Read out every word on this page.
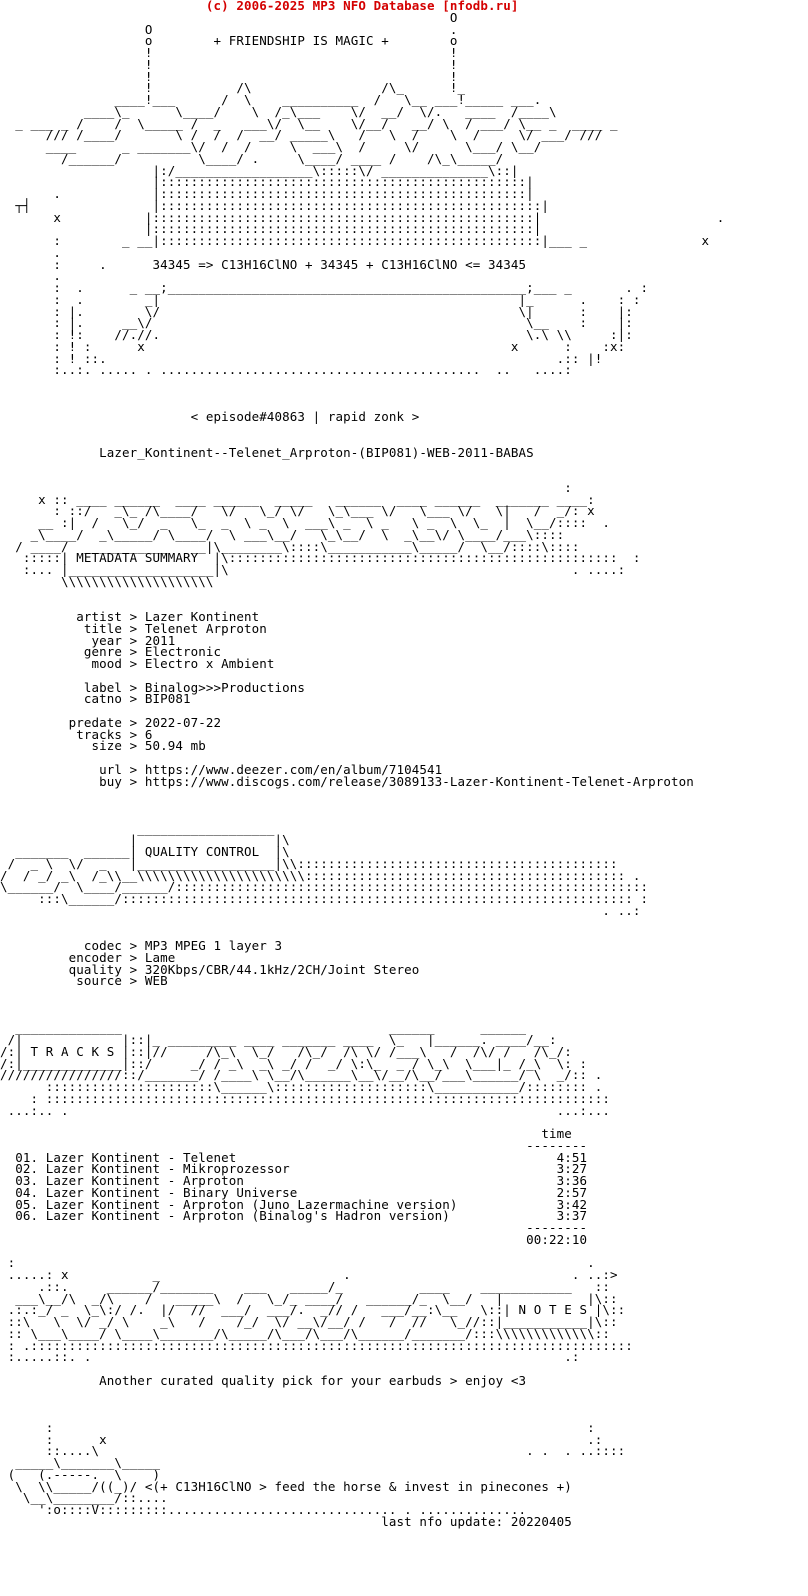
(c) 2006-2025 MP3 NFO Database [nfodb.ru]
O
O                                       .
o        + FRIENDSHIP IS MAGIC +        o
!                                       !
!                                       !
!                                       !
!           /\                 /\_      !_
____!___      /  \    __________  /   \__ ___!_____ ___.
____\_      \____/    \  /_\___    \/  __/  \/.   ____  /____\
_ ___ _ /    /  \_____ /  _   ___\/  \__    \/__/   __/ \  / ___/ \__ _  ____ _
/// /____/       \ /  /  /  __/ _____\   /   \  /    \  /     \/ ___/ ///
____      _ _______\/  /  /     \  ___\  /     \/      \___/ \__/
/______/          \____/ .     \____/ ____ /    /\_\_____/
|:/__________________\:::::\/ ______________\::|
|::::::::::::::::::::::::::::::::::::::::::::::::|
.            |::::::::::::::::::::::::::::::::::::::::::::::::|
┬┤                |::::::::::::::::::::::::::::::::::::::::::::::::::|
x           |::::::::::::::::::::::::::::::::::::::::::::::::::|                       .
|::::::::::::::::::::::::::::::::::::::::::::::::::|
:        _ __|::::::::::::::::::::::::::::::::::::::::::::::::::|___ _               x
.
:     .      34345 => C13H16ClNO + 34345 + C13H16ClNO <= 34345
.
:  .      _ __;_______________________________________________;___ _       . :
:  .        _|                                               |_      .    : :
: |.        \/                                               \|      :    |:
: |.     __\/                                                 \__    :    |:
: !:    //.//.                                                \.\ \\     :|:
: ! :      x                                                x      :    :x:
: ! ::.                                                           .:: |!
:..:. ..... . ..........................................  ..   ....:
< episode#40863 | rapid zonk >
Lazer_Kontinent--Telenet_Arproton-(BIP081)-WEB-2011-BABAS
:
x :: ____ ______  ____ ______  _____   ______  ____ ______  _______ ____:
: ::/   _\_ /\____/   \/   \_/ \/   \_\___ \/   \___ \/   \|   /  _/: x
__ :|  /   \_/  _   \_  _  \ _  \  ___\ _  \ _   \ _  \  \_  |  \__/::::  .
_\____/  _\_____/ \____/  \ ___\__/   \_\__/  \  _\__\/ \____/___\::::
/ ____/  ___________   __|\________\::::\___________\_____/  \__/::::\::::
:::::| METADATA SUMMARY  |\:::::::::::::::::::::::::::::::::::::::::::::::::::  :
:... |___________________|\                                             . ....:
\\\\\\\\\\\\\\\\\\\\
artist > Lazer Kontinent
title > Telenet Arproton
year > 2011
genre > Electronic
mood > Electro x Ambient
label > Binalog>>>Productions
catno > BIP081
predate > 2022-07-22
tracks > 6
size > 50.94 mb
url > https://www.deezer.com/en/album/7104541
buy > https://www.discogs.com/release/3089133-Lazer-Kontinent-Telenet-Arproton
__________________
|                  |\
_______  ______| QUALITY CONTROL  |\
/  _ \  \/  _   |__________________|\\::::::::::::::::::::::::::::::::::::::::::
/  / _/ _\  /_\\__\\\\\\\\\\\\\\\\\\\\\\:::::::::::::::::::::::::::::::::::::::::: .
\______/  \____/______/::::::::::::::::::::::::::::::::::::::::::::::::::::::::::::::
:::\______/::::::::::::::::::::::::::::::::::::::::::::::::::::::::::::::::::: :
. ..:
codec > MP3 MPEG 1 layer 3
encoder > Lame
quality > 320Kbps/CBR/44.1kHz/2CH/Joint Stereo
source > WEB
______________                                   ______      ______
/|             |::|_ _________ ____ _______ ____  \_   |______. ____/__:
/:| T R A C K S |::|//     /\_\  \_/   /\_/  /\ \/ /___\   /  /\/ /   /\_/:
/:|_____________|::/     _/ / _\  _\ _/ /  _/ \:\_  _ / \_\  \___|_ /_\  \: :
////////////////::/_______/ /____\ \__/\______\__\/__/\__/___\______/ \  _/:: .
::::::::::::::::::::::\______\::::::::::::::::::::\___________/:::::::: .
: ::::::::::::::::::::::::::::::::::::::::::::::::::::::::::::::::::::::::::
...:.. .                                                                ...:...
time
--------
01. Lazer Kontinent - Telenet                                          4:51
02. Lazer Kontinent - Mikroprozessor                                   3:27
03. Lazer Kontinent - Arproton                                         3:36
04. Lazer Kontinent - Binary Universe                                  2:57
05. Lazer Kontinent - Arproton (Juno Lazermachine version)             3:42
06. Lazer Kontinent - Arproton (Binalog's Hadron version)              3:37
--------
00:22:10
:                                                                           .
.....: x           _                        .                             . ..:>
.::.     ______/_______    ___   _____/_          ____    ____________   ::
___\__/\  _/\    /   _____\  /   \_/_ ____/   ______/_  \__/   |           |\::
.:.:_/ _  \_\:/ /.  |/  //  ___/  ___/.  _// /   ___/__:\__   \::| N O T E S |\::
::\   \  \/ _/ \    _\   /    /_/  \/ __\/__/ /   /  //   \_//::|___________|\::
:: \___\____/ \____\_______/\_____/\___/\___/\______/_______/:::\\\\\\\\\\\\\::
: .:::::::::::::::::::::::::::::::::::::::::::::::::::::::::::::::::::::::::::::::
:.....::. .                                                              .:
Another curated quality pick for your earbuds > enjoy <3
:                                                                      :
:      x                                                               .:
::....\                                                        . .  . ..::::
_____\_______\_____
(   (.-----.  \    )
\  \\_____/((_)/ <(+ C13H16ClNO > feed the horse & invest in pinecones +)
\__\________/::....
':o::::V:::::::::.............................. . ..............
last nfo update: 20220405
